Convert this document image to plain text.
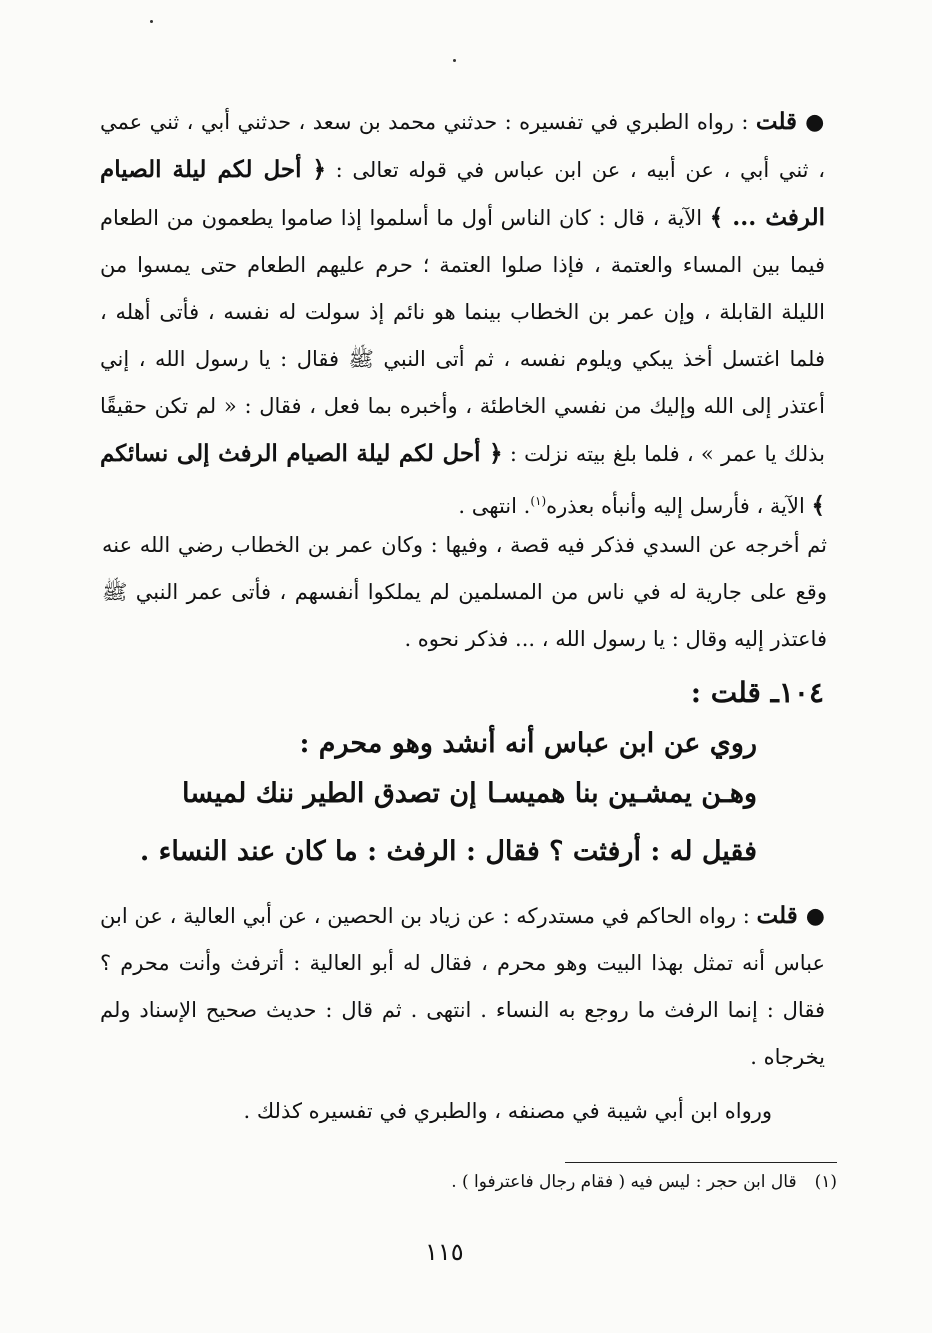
●قلت : رواه الطبري في تفسيره : حدثني محمد بن سعد ، حدثني أبي ، ثني عمي ، ثني أبي ، عن أبيه ، عن ابن عباس في قوله تعالى : ﴿ أحل لكم ليلة الصيام الرفث ... ﴾ الآية ، قال : كان الناس أول ما أسلموا إذا صاموا يطعمون من الطعام فيما بين المساء والعتمة ، فإذا صلوا العتمة ؛ حرم عليهم الطعام حتى يمسوا من الليلة القابلة ، وإن عمر بن الخطاب بينما هو نائم إذ سولت له نفسه ، فأتى أهله ، فلما اغتسل أخذ يبكي ويلوم نفسه ، ثم أتى النبي ﷺ فقال : يا رسول الله ، إني أعتذر إلى الله وإليك من نفسي الخاطئة ، وأخبره بما فعل ، فقال : « لم تكن حقيقًا بذلك يا عمر » ، فلما بلغ بيته نزلت : ﴿ أحل لكم ليلة الصيام الرفث إلى نسائكم ﴾ الآية ، فأرسل إليه وأنبأه بعذره$^{(١)}$. انتهى .
ثم أخرجه عن السدي فذكر فيه قصة ، وفيها : وكان عمر بن الخطاب رضي الله عنه وقع على جارية له في ناس من المسلمين لم يملكوا أنفسهم ، فأتى عمر النبي ﷺ فاعتذر إليه وقال : يا رسول الله ، ... فذكر نحوه .
١٠٤ـ قلت :
روي عن ابن عباس أنه أنشد وهو محرم :
وهـن يمشـين بنا هميسـا
إن تصدق الطير ننك لميسا
فقيل له : أرفثت ؟ فقال : الرفث : ما كان عند النساء .
●قلت : رواه الحاكم في مستدركه : عن زياد بن الحصين ، عن أبي العالية ، عن ابن عباس أنه تمثل بهذا البيت وهو محرم ، فقال له أبو العالية : أترفث وأنت محرم ؟ فقال : إنما الرفث ما روجع به النساء . انتهى . ثم قال : حديث صحيح الإسناد ولم يخرجاه .
ورواه ابن أبي شيبة في مصنفه ، والطبري في تفسيره كذلك .
(١)قال ابن حجر : ليس فيه ( فقام رجال فاعترفوا ) .
١١٥
